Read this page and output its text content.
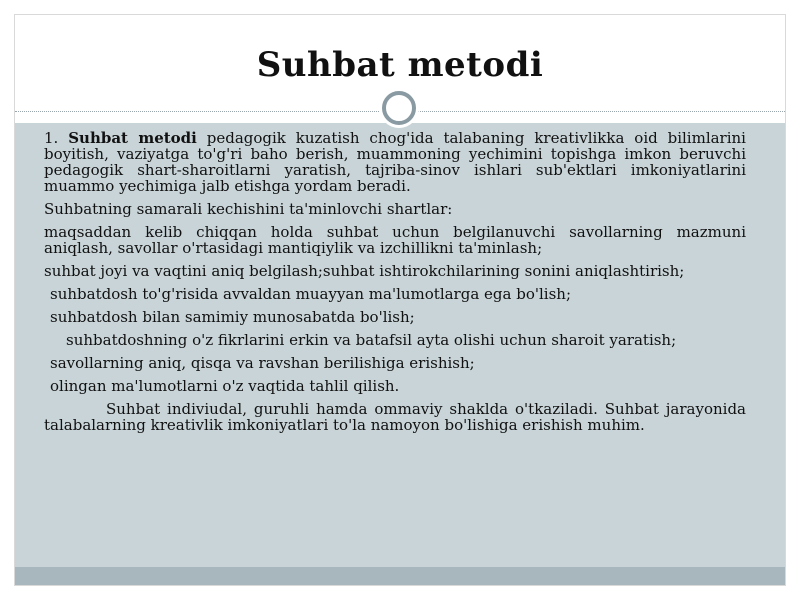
Suhbat metodi

1. Suhbat metodi pedagogik kuzatish chog'ida talabaning kreativlikka oid bilimlarini boyitish, vaziyatga to'g'ri baho berish, muammoning yechimini topishga imkon beruvchi pedagogik shart-sharoitlarni yaratish, tajriba-sinov ishlari sub'ektlari imkoniyatlarini muammo yechimiga jalb etishga yordam beradi.

Suhbatning samarali kechishini ta'minlovchi shartlar:

maqsaddan kelib chiqqan holda suhbat uchun belgilanuvchi savollarning mazmuni aniqlash, savollar o'rtasidagi mantiqiylik va izchillikni ta'minlash;

suhbat joyi va vaqtini aniq belgilash;suhbat ishtirokchilarining sonini aniqlashtirish;

suhbatdosh to'g'risida avvaldan muayyan ma'lumotlarga ega bo'lish;

suhbatdosh bilan samimiy munosabatda bo'lish;

suhbatdoshning o'z fikrlarini erkin va batafsil ayta olishi uchun sharoit yaratish;

savollarning aniq, qisqa va ravshan berilishiga erishish;

olingan ma'lumotlarni o'z vaqtida tahlil qilish.

Suhbat indiviudal, guruhli hamda ommaviy shaklda o'tkaziladi. Suhbat jarayonida talabalarning kreativlik imkoniyatlari to'la namoyon bo'lishiga erishish muhim.
